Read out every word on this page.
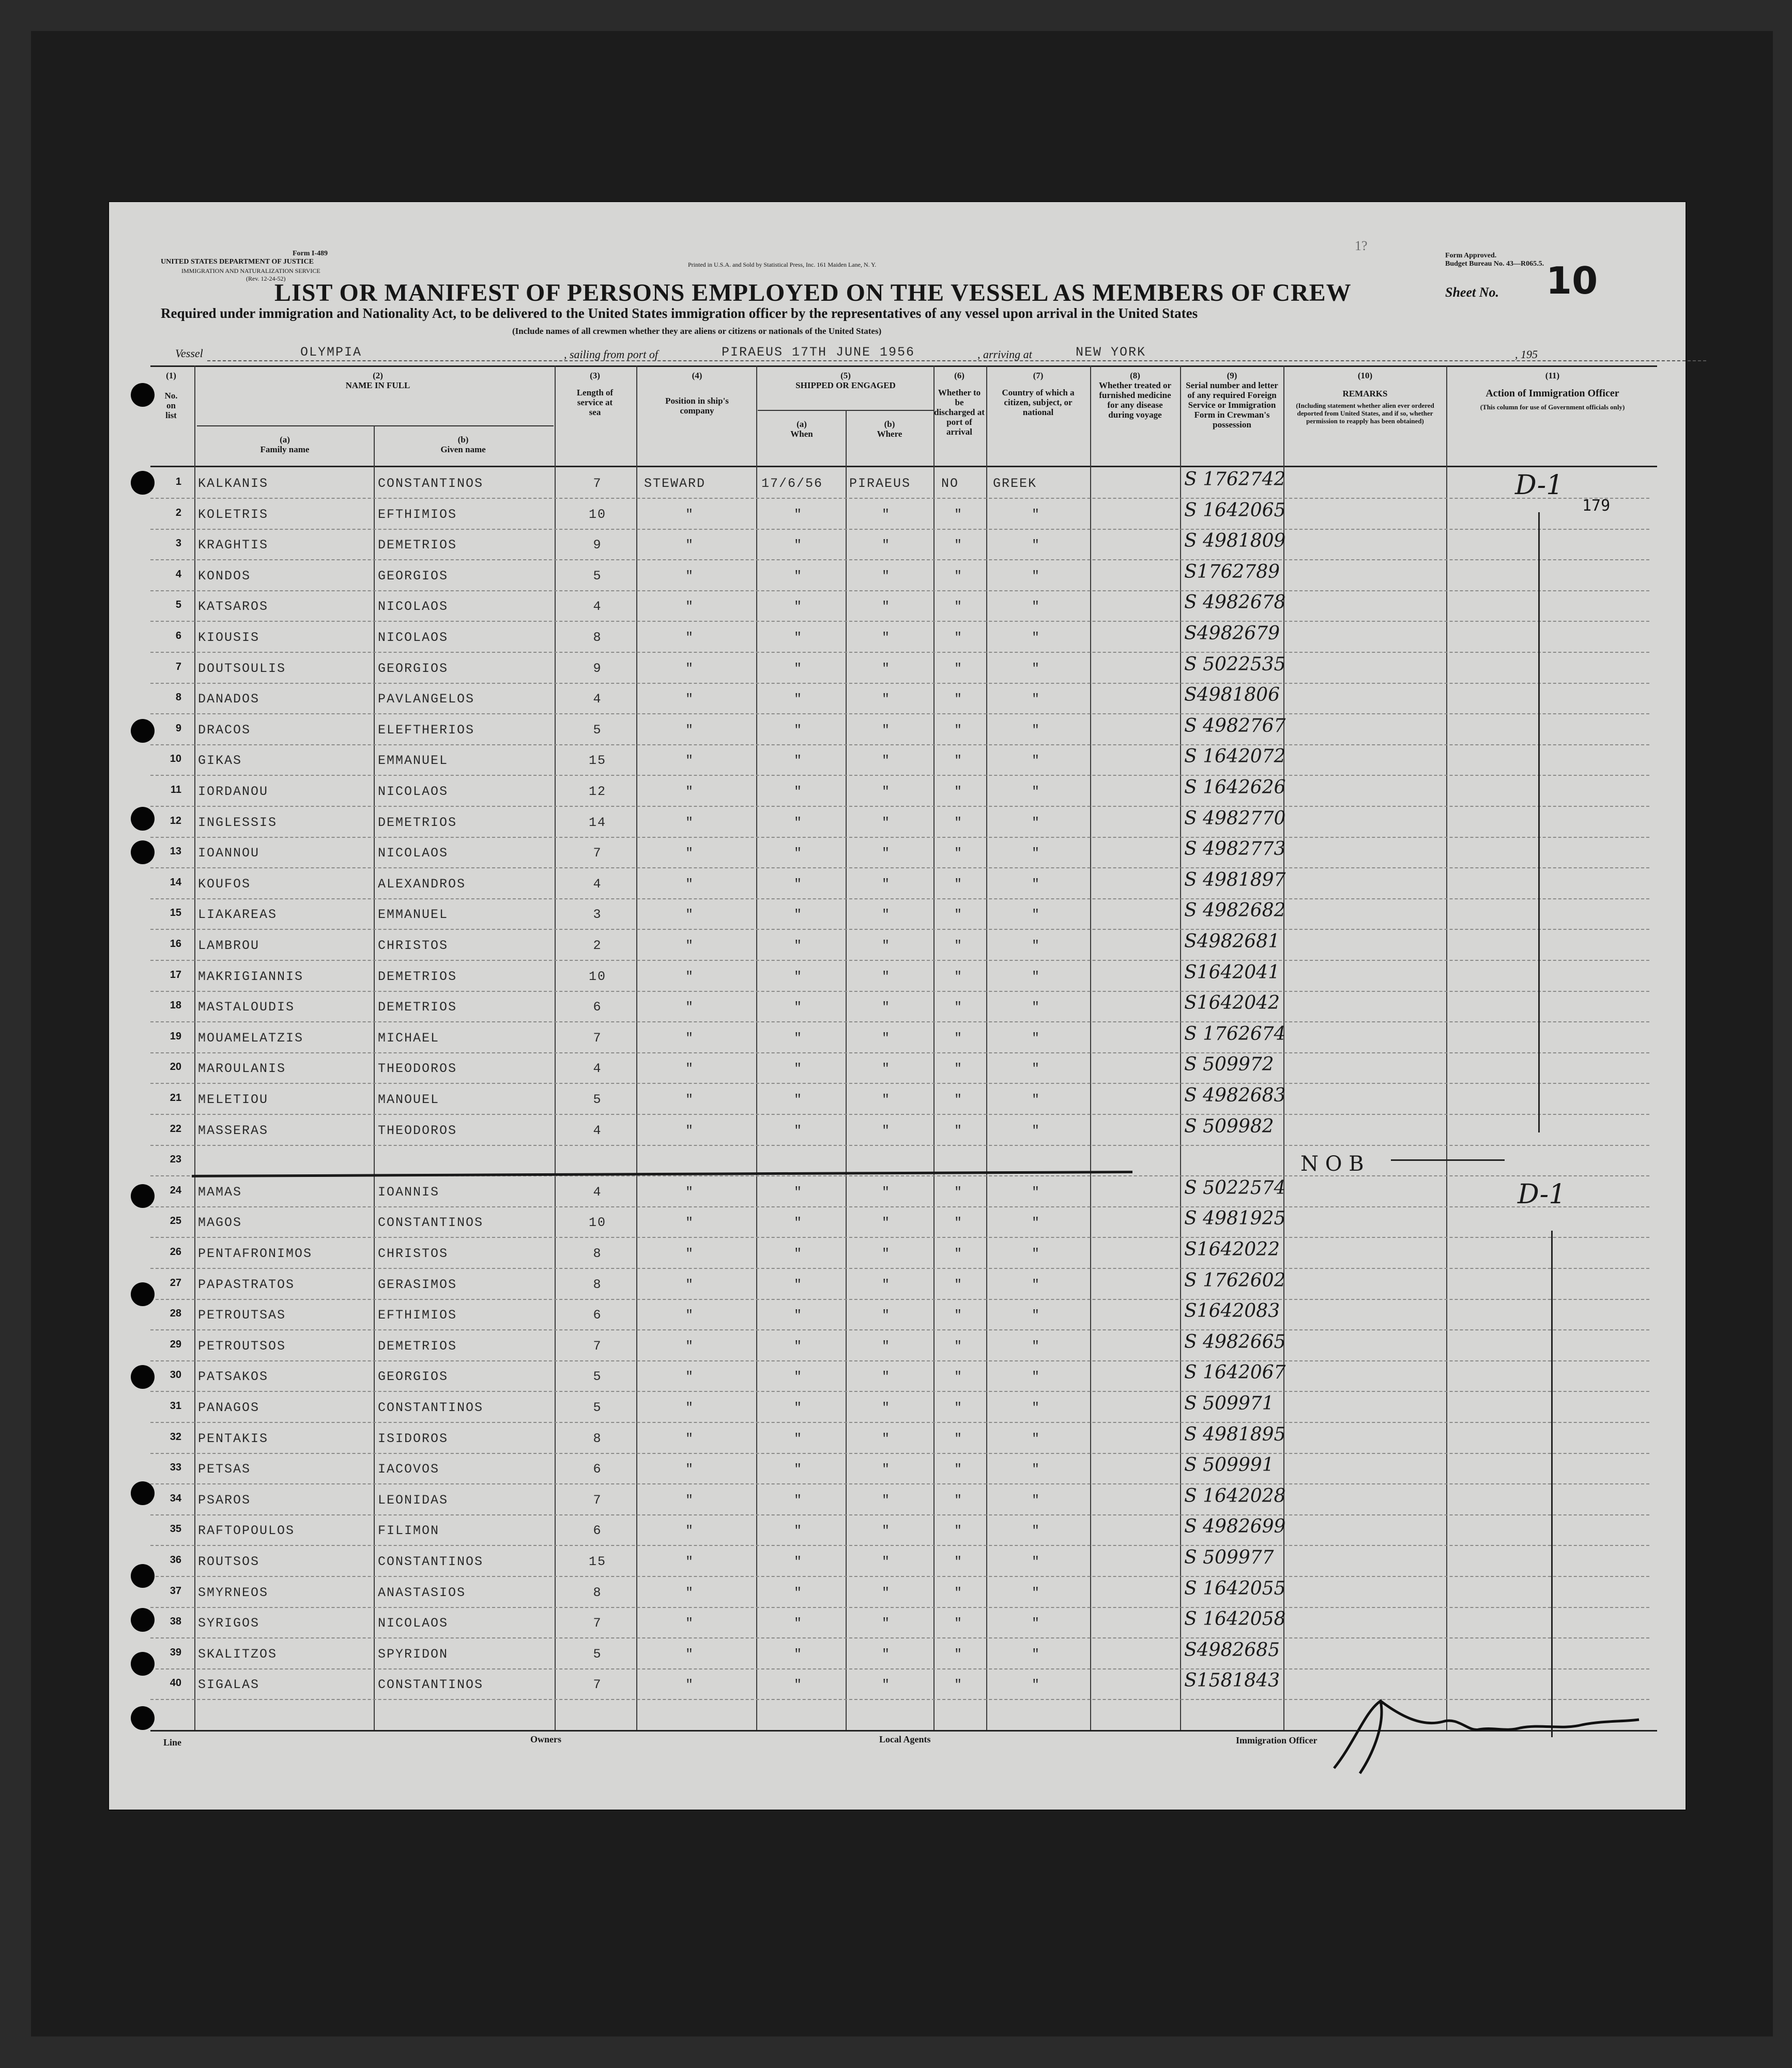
UNITED STATES DEPARTMENT OF JUSTICE
IMMIGRATION AND NATURALIZATION SERVICE
Form I-489
(Rev. 12-24-52)
Printed in U.S.A. and Sold by Statistical Press, Inc. 161 Maiden Lane, N. Y.
1?
Form Approved.
Budget Bureau No. 43—R065.5.
LIST OR MANIFEST OF PERSONS EMPLOYED ON THE VESSEL AS MEMBERS OF CREW	Sheet No. 10
Required under immigration and Nationality Act, to be delivered to the United States immigration officer by the representatives of any vessel upon arrival in the United States
(Include names of all crewmen whether they are aliens or citizens or nationals of the United States)
Vessel	OLYMPIA	, sailing from port of	PIRAEUS 17TH JUNE 1956	, arriving at	NEW YORK	, 195
(1)
No.
on
list
(2)
NAME IN FULL
(a)
Family name
(b)
Given name
(3)
Length of service at sea
(4)
Position in ship's company
(5)
SHIPPED OR ENGAGED
(a)
When
(b)
Where
(6)
Whether to be discharged at port of arrival
(7)
Country of which a citizen, subject, or national
(8)
Whether treated or furnished medicine for any disease during voyage
(9)
Serial number and letter of any required Foreign Service or Immigration Form in Crewman's possession
(10)
REMARKS
(Including statement whether alien ever ordered deported from United States, and if so, whether permission to reapply has been obtained)
(11)
Action of Immigration Officer
(This column for use of Government officials only)
1 KALKANIS	CONSTANTINOS	7	STEWARD	17/6/56 PIRAEUS NO	GREEK	S 1762742
2 KOLETRIS	EFTHIMIOS	10	"	"	"	"	"	S 1642065
3 KRAGHTIS	DEMETRIOS	9	"	"	"	"	"	S 4981809
4 KONDOS	GEORGIOS	5	"	"	"	"	"	S1762789
5 KATSAROS	NICOLAOS	4	"	"	"	"	"	S 4982678
6 KIOUSIS	NICOLAOS	8	"	"	"	"	"	S4982679
7 DOUTSOULIS	GEORGIOS	9	"	"	"	"	"	S 5022535
8 DANADOS	PAVLANGELOS	4	"	"	"	"	"	S4981806
9 DRACOS	ELEFTHERIOS	5	"	"	"	"	"	S 4982767
10 GIKAS	EMMANUEL	15	"	"	"	"	"	S 1642072
11 IORDANOU	NICOLAOS	12	"	"	"	"	"	S 1642626
12 INGLESSIS	DEMETRIOS	14	"	"	"	"	"	S 4982770
13 IOANNOU	NICOLAOS	7	"	"	"	"	"	S 4982773
14 KOUFOS	ALEXANDROS	4	"	"	"	"	"	S 4981897
15 LIAKAREAS	EMMANUEL	3	"	"	"	"	"	S 4982682
16 LAMBROU	CHRISTOS	2	"	"	"	"	"	S4982681
17 MAKRIGIANNIS	DEMETRIOS	10	"	"	"	"	"	S1642041
18 MASTALOUDIS	DEMETRIOS	6	"	"	"	"	"	S1642042
19 MOUAMELATZIS	MICHAEL	7	"	"	"	"	"	S 1762674
20 MAROULANIS	THEODOROS	4	"	"	"	"	"	S 509972
21 MELETIOU	MANOUEL	5	"	"	"	"	"	S 4982683
22 MASSERAS	THEODOROS	4	"	"	"	"	"	S 509982
23
24 MAMAS	IOANNIS	4	"	"	"	"	"	S 5022574
25 MAGOS	CONSTANTINOS	10	"	"	"	"	"	S 4981925
26 PENTAFRONIMOS	CHRISTOS	8	"	"	"	"	"	S1642022
27 PAPASTRATOS	GERASIMOS	8	"	"	"	"	"	S 1762602
28 PETROUTSAS	EFTHIMIOS	6	"	"	"	"	"	S1642083
29 PETROUTSOS	DEMETRIOS	7	"	"	"	"	"	S 4982665
30 PATSAKOS	GEORGIOS	5	"	"	"	"	"	S 1642067
31 PANAGOS	CONSTANTINOS	5	"	"	"	"	"	S 509971
32 PENTAKIS	ISIDOROS	8	"	"	"	"	"	S 4981895
33 PETSAS	IACOVOS	6	"	"	"	"	"	S 509991
34 PSAROS	LEONIDAS	7	"	"	"	"	"	S 1642028
35 RAFTOPOULOS	FILIMON	6	"	"	"	"	"	S 4982699
36 ROUTSOS	CONSTANTINOS	15	"	"	"	"	"	S 509977
37 SMYRNEOS	ANASTASIOS	8	"	"	"	"	"	S 1642055
38 SYRIGOS	NICOLAOS	7	"	"	"	"	"	S 1642058
39 SKALITZOS	SPYRIDON	5	"	"	"	"	"	S4982685
40 SIGALAS	CONSTANTINOS	7	"	"	"	"	"	S1581843
D-1
179
N O B
D-1
Line	Owners	Local Agents	Immigration Officer
